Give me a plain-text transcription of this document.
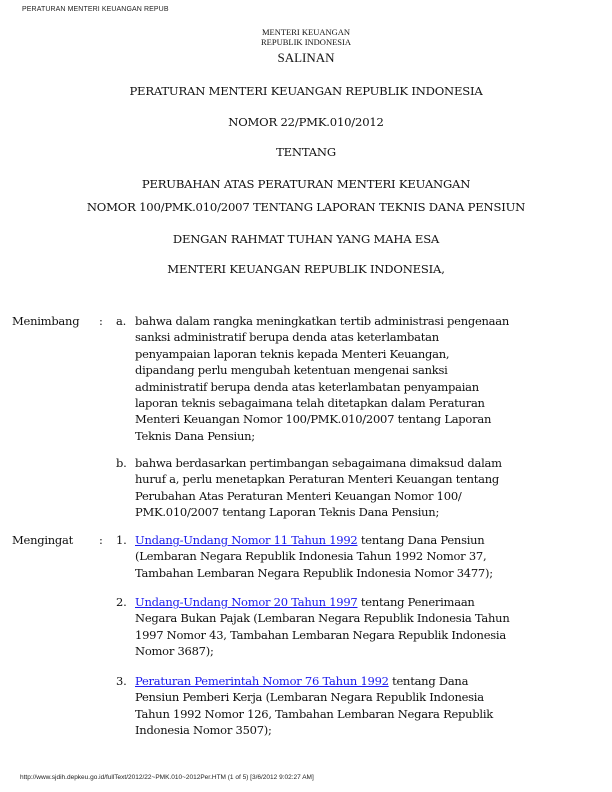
PERATURAN MENTERI KEUANGAN REPUB
MENTERI KEUANGAN
REPUBLIK INDONESIA
SALINAN
PERATURAN MENTERI KEUANGAN REPUBLIK INDONESIA
NOMOR 22/PMK.010/2012
TENTANG
PERUBAHAN ATAS PERATURAN MENTERI KEUANGAN
NOMOR 100/PMK.010/2007 TENTANG LAPORAN TEKNIS DANA PENSIUN
DENGAN RAHMAT TUHAN YANG MAHA ESA
MENTERI KEUANGAN REPUBLIK INDONESIA,
Menimbang : a. bahwa dalam rangka meningkatkan tertib administrasi pengenaan
sanksi administratif berupa denda atas keterlambatan
penyampaian laporan teknis kepada Menteri Keuangan,
dipandang perlu mengubah ketentuan mengenai sanksi
administratif berupa denda atas keterlambatan penyampaian
laporan teknis sebagaimana telah ditetapkan dalam Peraturan
Menteri Keuangan Nomor 100/PMK.010/2007 tentang Laporan
Teknis Dana Pensiun;
b. bahwa berdasarkan pertimbangan sebagaimana dimaksud dalam
huruf a, perlu menetapkan Peraturan Menteri Keuangan tentang
Perubahan Atas Peraturan Menteri Keuangan Nomor 100/
PMK.010/2007 tentang Laporan Teknis Dana Pensiun;
Mengingat : 1. Undang-Undang Nomor 11 Tahun 1992 tentang Dana Pensiun
(Lembaran Negara Republik Indonesia Tahun 1992 Nomor 37,
Tambahan Lembaran Negara Republik Indonesia Nomor 3477);
2. Undang-Undang Nomor 20 Tahun 1997 tentang Penerimaan
Negara Bukan Pajak (Lembaran Negara Republik Indonesia Tahun
1997 Nomor 43, Tambahan Lembaran Negara Republik Indonesia
Nomor 3687);
3. Peraturan Pemerintah Nomor 76 Tahun 1992 tentang Dana
Pensiun Pemberi Kerja (Lembaran Negara Republik Indonesia
Tahun 1992 Nomor 126, Tambahan Lembaran Negara Republik
Indonesia Nomor 3507);
http://www.sjdih.depkeu.go.id/fullText/2012/22~PMK.010~2012Per.HTM (1 of 5) [3/6/2012 9:02:27 AM]
